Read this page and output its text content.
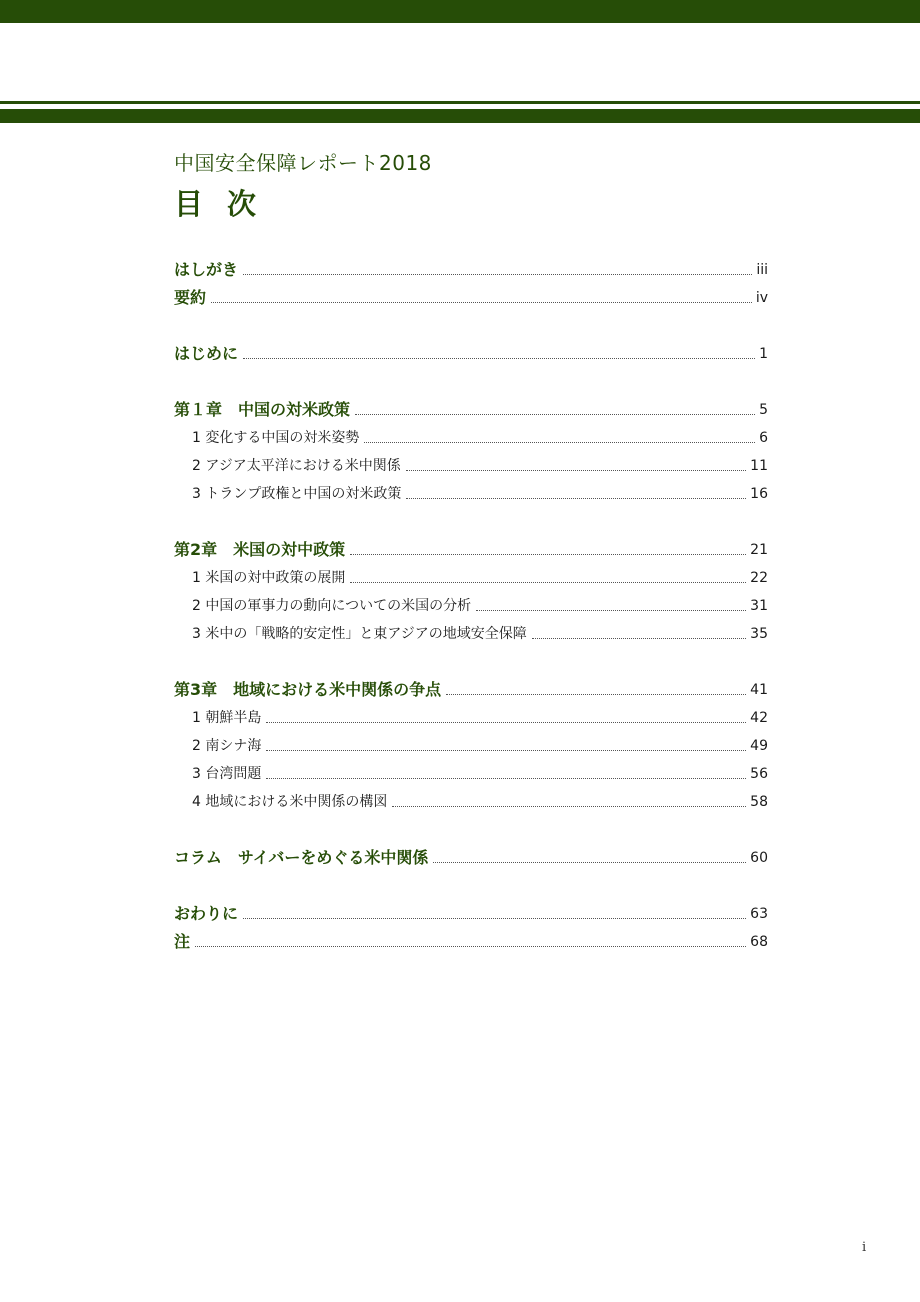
中国安全保障レポート2018
目次
はしがき	iii
要約	iv
はじめに	1
第１章　中国の対米政策	5
1 変化する中国の対米姿勢	6
2 アジア太平洋における米中関係	11
3 トランプ政権と中国の対米政策	16
第2章　米国の対中政策	21
1 米国の対中政策の展開	22
2 中国の軍事力の動向についての米国の分析	31
3 米中の「戦略的安定性」と東アジアの地域安全保障	35
第3章　地域における米中関係の争点	41
1 朝鮮半島	42
2 南シナ海	49
3 台湾問題	56
4 地域における米中関係の構図	58
コラム　サイバーをめぐる米中関係	60
おわりに	63
注	68
i
